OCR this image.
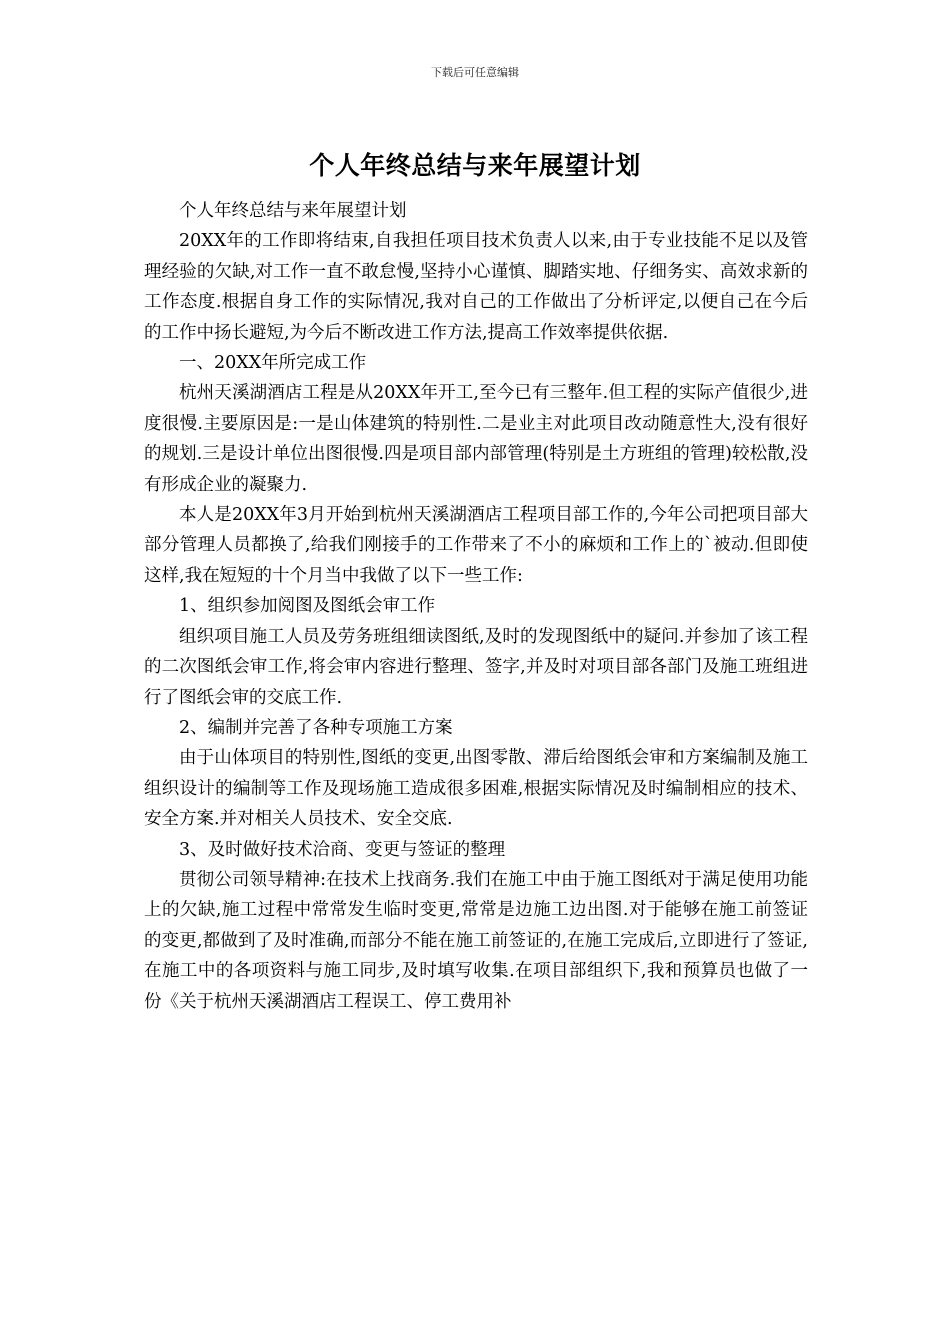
下载后可任意编辑
个人年终总结与来年展望计划

个人年终总结与来年展望计划

20XX年的工作即将结束,自我担任项目技术负责人以来,由于专业技能不足以及管理经验的欠缺,对工作一直不敢怠慢,坚持小心谨慎、脚踏实地、仔细务实、高效求新的工作态度.根据自身工作的实际情况,我对自己的工作做出了分析评定,以便自己在今后的工作中扬长避短,为今后不断改进工作方法,提高工作效率提供依据.

一、20XX年所完成工作

杭州天溪湖酒店工程是从20XX年开工,至今已有三整年.但工程的实际产值很少,进度很慢.主要原因是:一是山体建筑的特别性.二是业主对此项目改动随意性大,没有很好的规划.三是设计单位出图很慢.四是项目部内部管理(特别是土方班组的管理)较松散,没有形成企业的凝聚力.

本人是20XX年3月开始到杭州天溪湖酒店工程项目部工作的,今年公司把项目部大部分管理人员都换了,给我们刚接手的工作带来了不小的麻烦和工作上的`被动.但即使这样,我在短短的十个月当中我做了以下一些工作:

1、组织参加阅图及图纸会审工作

组织项目施工人员及劳务班组细读图纸,及时的发现图纸中的疑问.并参加了该工程的二次图纸会审工作,将会审内容进行整理、签字,并及时对项目部各部门及施工班组进行了图纸会审的交底工作.

2、编制并完善了各种专项施工方案

由于山体项目的特别性,图纸的变更,出图零散、滞后给图纸会审和方案编制及施工组织设计的编制等工作及现场施工造成很多困难,根据实际情况及时编制相应的技术、安全方案.并对相关人员技术、安全交底.

3、及时做好技术洽商、变更与签证的整理

贯彻公司领导精神:在技术上找商务.我们在施工中由于施工图纸对于满足使用功能上的欠缺,施工过程中常常发生临时变更,常常是边施工边出图.对于能够在施工前签证的变更,都做到了及时准确,而部分不能在施工前签证的,在施工完成后,立即进行了签证,在施工中的各项资料与施工同步,及时填写收集.在项目部组织下,我和预算员也做了一份《关于杭州天溪湖酒店工程误工、停工费用补
